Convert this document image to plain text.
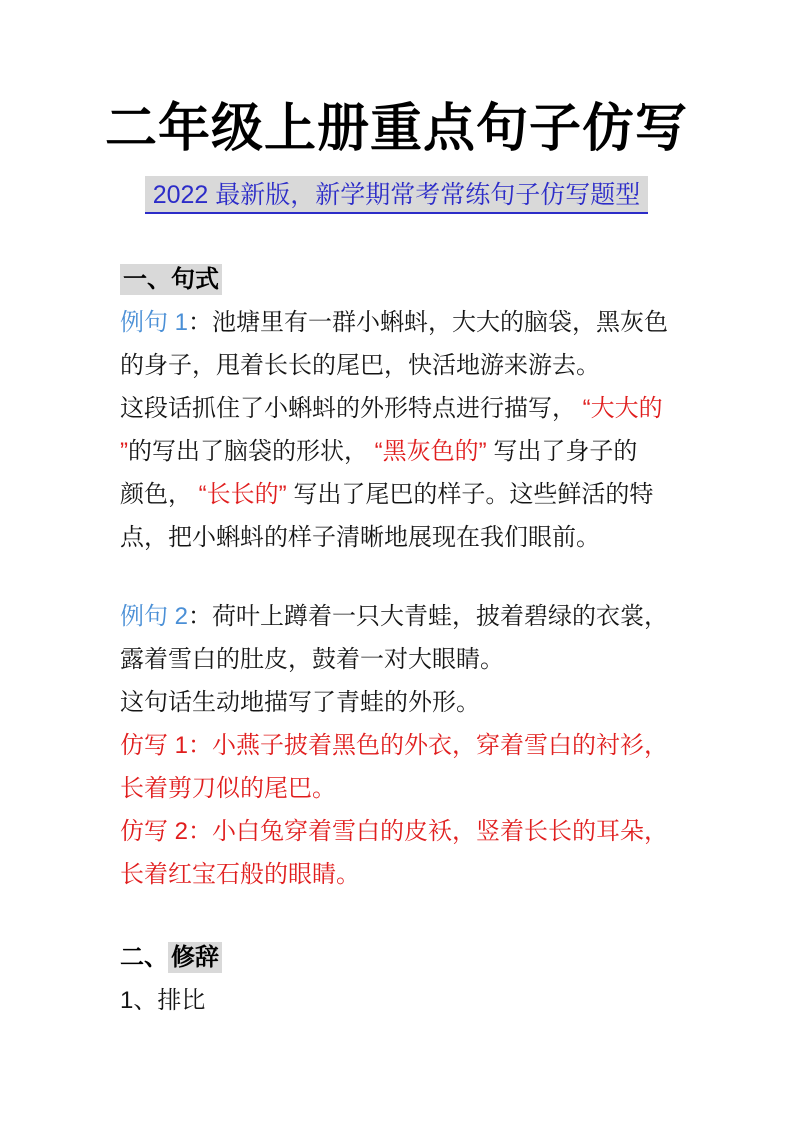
二年级上册重点句子仿写
2022 最新版，新学期常考常练句子仿写题型
一、句式
例句 1：池塘里有一群小蝌蚪，大大的脑袋，黑灰色
的身子，甩着长长的尾巴，快活地游来游去。
这段话抓住了小蝌蚪的外形特点进行描写， “大大的
”的写出了脑袋的形状， “黑灰色的” 写出了身子的
颜色， “长长的” 写出了尾巴的样子。这些鲜活的特
点，把小蝌蚪的样子清晰地展现在我们眼前。
例句 2：荷叶上蹲着一只大青蛙，披着碧绿的衣裳，
露着雪白的肚皮，鼓着一对大眼睛。
这句话生动地描写了青蛙的外形。
仿写 1：小燕子披着黑色的外衣，穿着雪白的衬衫，
长着剪刀似的尾巴。
仿写 2：小白兔穿着雪白的皮袄，竖着长长的耳朵，
长着红宝石般的眼睛。
二、 修辞
1、排比
